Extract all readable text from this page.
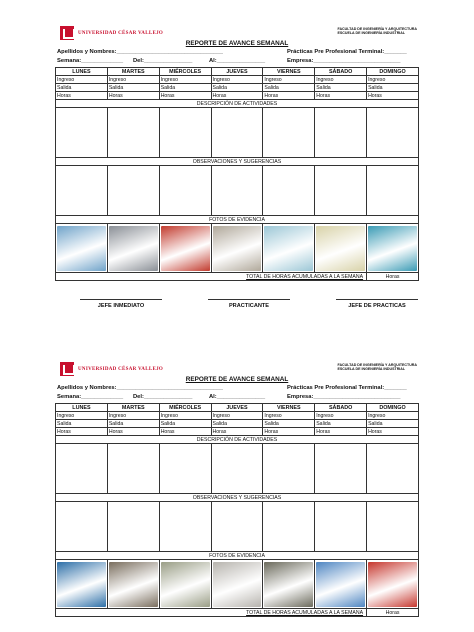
UNIVERSIDAD CÉSAR VALLEJO
FACULTAD DE INGENIERÍA Y ARQUITECTURA
ESCUELA DE INGENIERÍA INDUSTRIAL
REPORTE DE AVANCE SEMANAL
Apellidos y Nombres:_________________________________	Prácticas Pre Profesional Terminal:_______
Semana:_____________ Del:_______________	Al:_______________	Empresa:___________________________
LUNES	MARTES	MIÉRCOLES	JUEVES	VIERNES	SÁBADO	DOMINGO
Ingreso	Ingreso	Ingreso	Ingreso	Ingreso	Ingreso	Ingreso
Salida	Salida	Salida	Salida	Salida	Salida	Salida
Horas	Horas	Horas	Horas	Horas	Horas	Horas
DESCRIPCIÓN DE ACTIVIDADES						

OBSERVACIONES Y SUGERENCIAS						

FOTOS DE EVIDENCIA						

TOTAL DE HORAS ACUMULADAS A LA SEMANA						Horas
JEFE INMEDIATO	PRACTICANTE	JEFE DE PRACTICAS
UNIVERSIDAD CÉSAR VALLEJO
FACULTAD DE INGENIERÍA Y ARQUITECTURA
ESCUELA DE INGENIERÍA INDUSTRIAL
REPORTE DE AVANCE SEMANAL
Apellidos y Nombres:_________________________________	Prácticas Pre Profesional Terminal:_______
Semana:_____________ Del:_______________	Al:_______________	Empresa:___________________________
LUNES	MARTES	MIÉRCOLES	JUEVES	VIERNES	SÁBADO	DOMINGO
Ingreso	Ingreso	Ingreso	Ingreso	Ingreso	Ingreso	Ingreso
Salida	Salida	Salida	Salida	Salida	Salida	Salida
Horas	Horas	Horas	Horas	Horas	Horas	Horas
DESCRIPCIÓN DE ACTIVIDADES						

OBSERVACIONES Y SUGERENCIAS						

FOTOS DE EVIDENCIA						

TOTAL DE HORAS ACUMULADAS A LA SEMANA						Horas
